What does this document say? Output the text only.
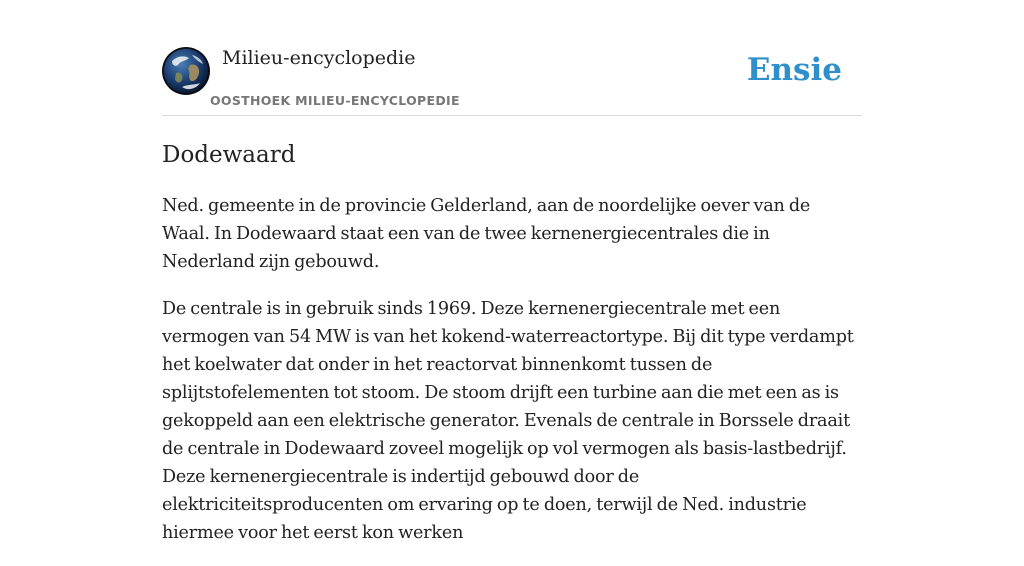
Milieu-encyclopedie
OOSTHOEK MILIEU-ENCYCLOPEDIE
Ensie
Dodewaard

Ned. gemeente in de provincie Gelderland, aan de noordelijke oever van de Waal. In Dodewaard staat een van de twee kernenergiecentrales die in Nederland zijn gebouwd.

De centrale is in gebruik sinds 1969. Deze kernenergiecentrale met een vermogen van 54 MW is van het kokend-waterreactortype. Bij dit type verdampt het koelwater dat onder in het reactorvat binnenkomt tussen de splijtstofelementen tot stoom. De stoom drijft een turbine aan die met een as is gekoppeld aan een elektrische generator. Evenals de centrale in Borssele draait de centrale in Dodewaard zoveel mogelijk op vol vermogen als basis-lastbedrijf. Deze kernenergiecentrale is indertijd gebouwd door de elektriciteitsproducenten om ervaring op te doen, terwijl de Ned. industrie hiermee voor het eerst kon werken
